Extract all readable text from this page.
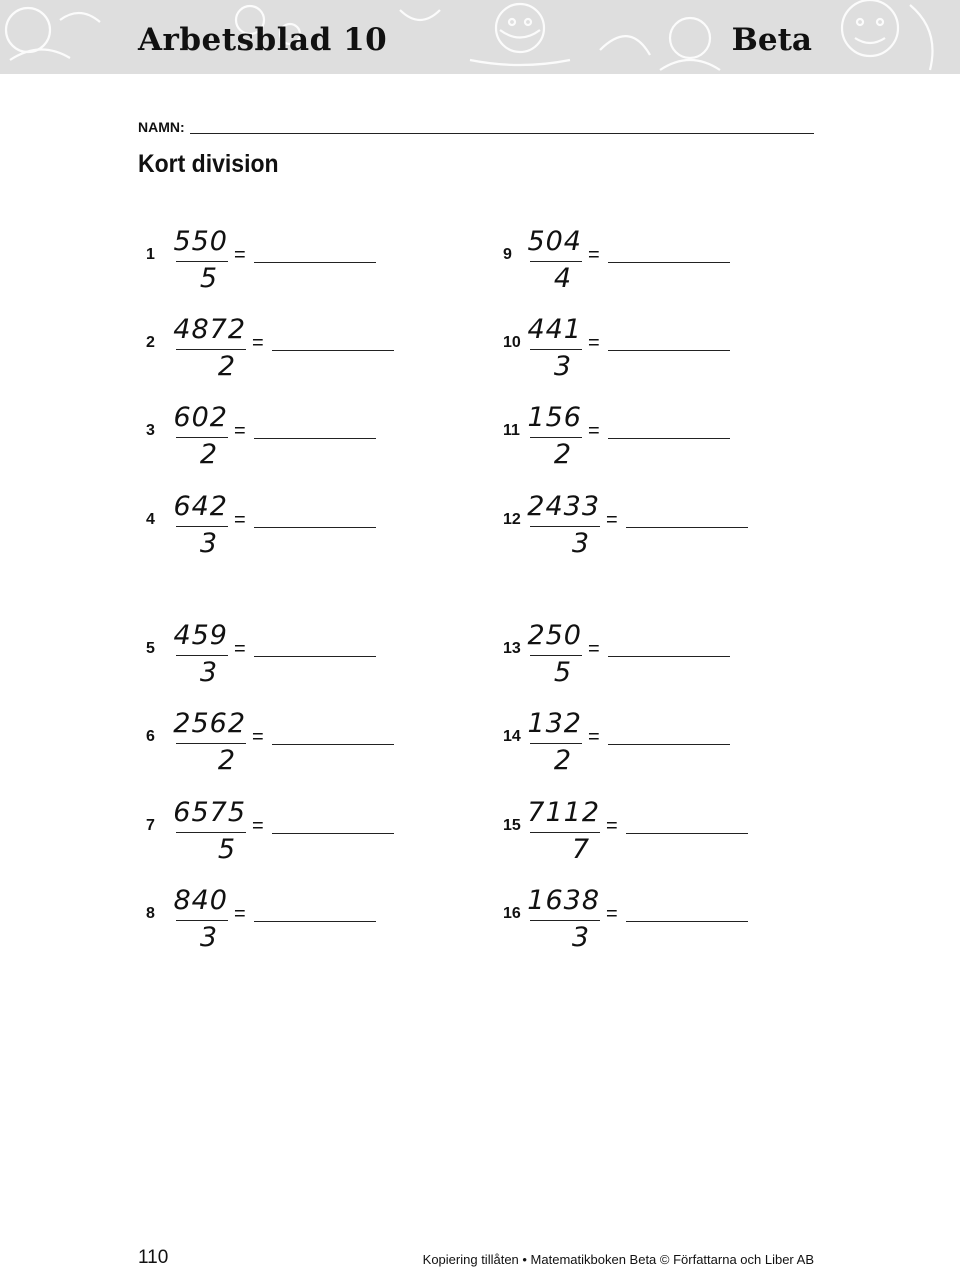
Arbetsblad 10	Beta
NAMN:
Kort division
1 550
5
=
2 4872
2
=
3 602
2
=
4 642
3
=
5 459
3
=
6 2562
2
=
7 6575
5
=
8 840
3
=
9 504
4
=
10 441
3
=
11 156
2
=
12 2433
3
=
13 250
5
=
14 132
2
=
15 7112
7
=
16 1638
3
=
110	Kopiering tillåten • Matematikboken Beta © Författarna och Liber AB
